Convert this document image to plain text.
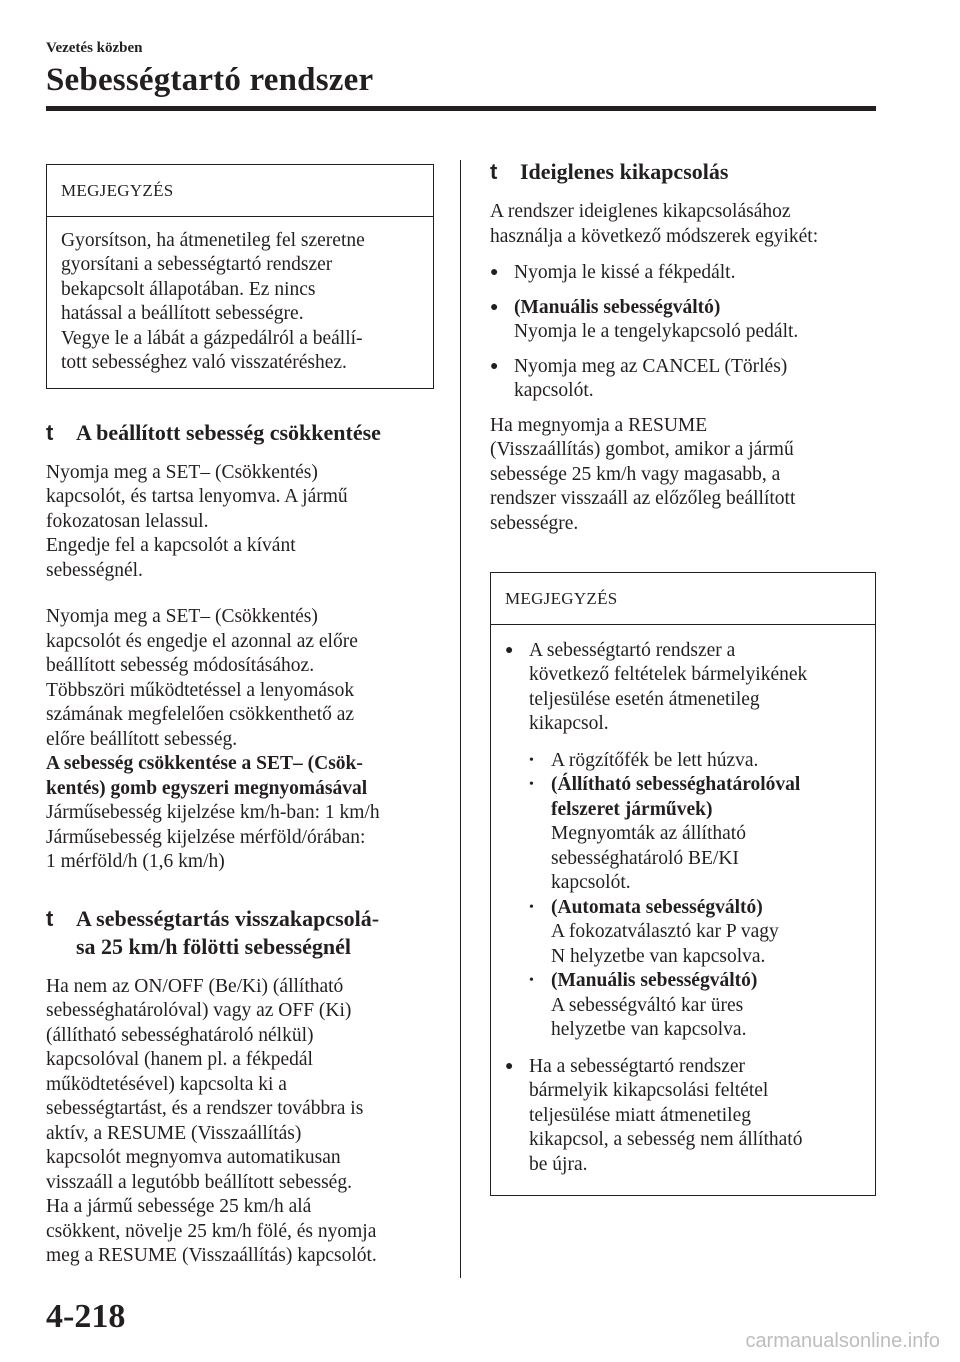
Vezetés közben
Sebességtartó rendszer
MEGJEGYZÉS
Gyorsítson, ha átmenetileg fel szeretne
gyorsítani a sebességtartó rendszer
bekapcsolt állapotában. Ez nincs
hatással a beállított sebességre.
Vegye le a lábát a gázpedálról a beállí-
tott sebességhez való visszatéréshez.
t	A beállított sebesség csökkentése

Nyomja meg a SET– (Csökkentés)
kapcsolót, és tartsa lenyomva. A jármű
fokozatosan lelassul.
Engedje fel a kapcsolót a kívánt
sebességnél.

Nyomja meg a SET– (Csökkentés)
kapcsolót és engedje el azonnal az előre
beállított sebesség módosításához.
Többszöri működtetéssel a lenyomások
számának megfelelően csökkenthető az
előre beállított sebesség.
A sebesség csökkentése a SET– (Csök-
kentés) gomb egyszeri megnyomásával
Járműsebesség kijelzése km/h-ban: 1 km/h
Járműsebesség kijelzése mérföld/órában:
1 mérföld/h (1,6 km/h)

t	A sebességtartás visszakapcsolá-
sa 25 km/h fölötti sebességnél

Ha nem az ON/OFF (Be/Ki) (állítható
sebességhatárolóval) vagy az OFF (Ki)
(állítható sebességhatároló nélkül)
kapcsolóval (hanem pl. a fékpedál
működtetésével) kapcsolta ki a
sebességtartást, és a rendszer továbbra is
aktív, a RESUME (Visszaállítás)
kapcsolót megnyomva automatikusan
visszaáll a legutóbb beállított sebesség.
Ha a jármű sebessége 25 km/h alá
csökkent, növelje 25 km/h fölé, és nyomja
meg a RESUME (Visszaállítás) kapcsolót.

t	Ideiglenes kikapcsolás

A rendszer ideiglenes kikapcsolásához
használja a következő módszerek egyikét:

● Nyomja le kissé a fékpedált.
● (Manuális sebességváltó)
Nyomja le a tengelykapcsoló pedált.
● Nyomja meg az CANCEL (Törlés)
kapcsolót.

Ha megnyomja a RESUME
(Visszaállítás) gombot, amikor a jármű
sebessége 25 km/h vagy magasabb, a
rendszer visszaáll az előzőleg beállított
sebességre.

MEGJEGYZÉS
● A sebességtartó rendszer a
következő feltételek bármelyikének
teljesülése esetén átmenetileg
kikapcsol.
• A rögzítőfék be lett húzva.
• (Állítható sebességhatárolóval
felszeret járművek)
Megnyomták az állítható
sebességhatároló BE/KI
kapcsolót.
• (Automata sebességváltó)
A fokozatválasztó kar P vagy
N helyzetbe van kapcsolva.
• (Manuális sebességváltó)
A sebességváltó kar üres
helyzetbe van kapcsolva.
● Ha a sebességtartó rendszer
bármelyik kikapcsolási feltétel
teljesülése miatt átmenetileg
kikapcsol, a sebesség nem állítható
be újra.
4-218
carmanualsonline.info
